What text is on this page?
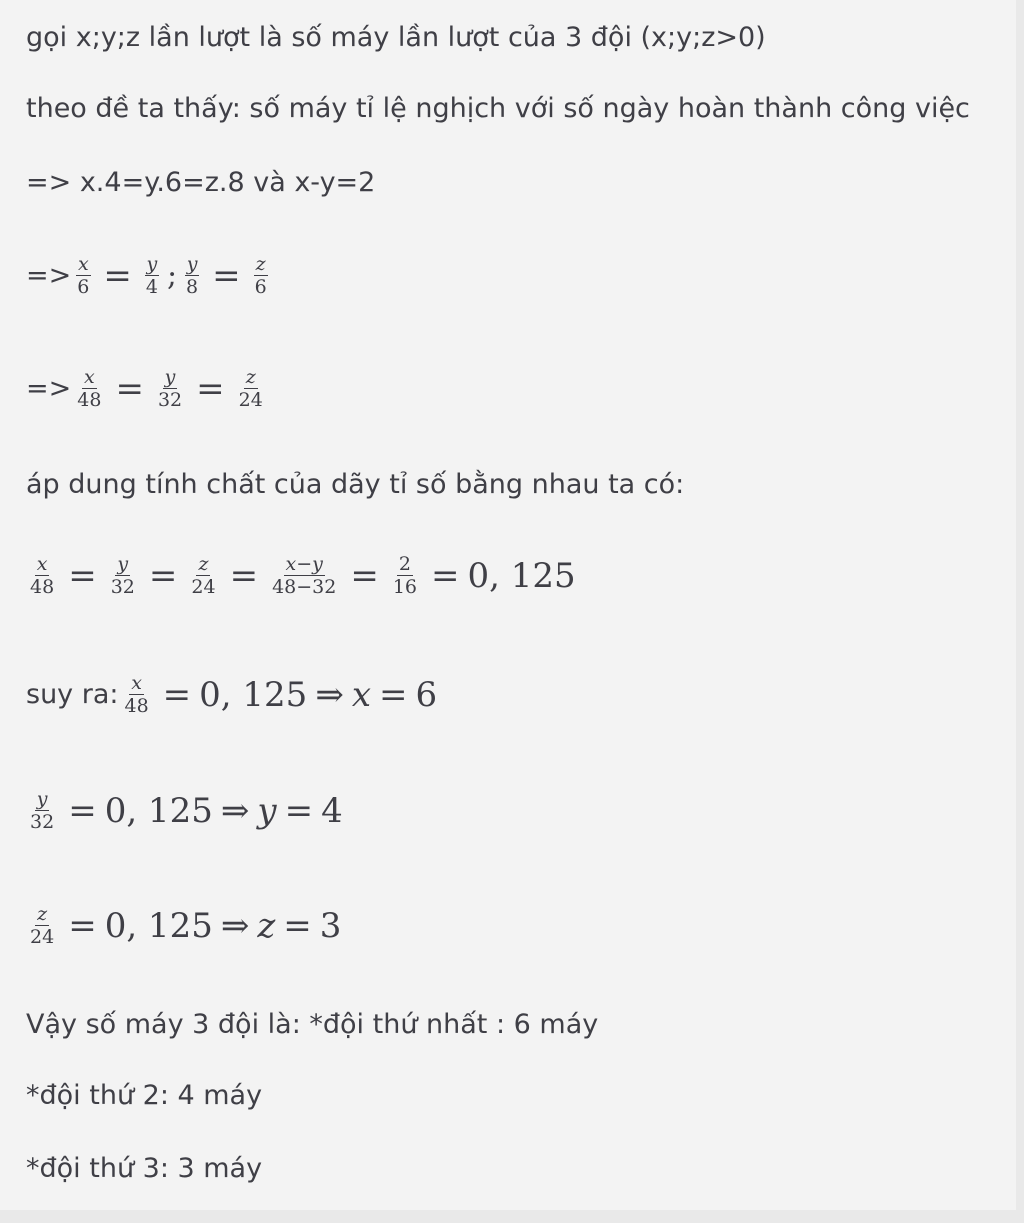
gọi x;y;z lần lượt là số máy lần lượt của 3 đội (x;y;z>0)
theo đề ta thấy: số máy tỉ lệ nghịch với số ngày hoàn thành công việc
=> x.4=y.6=z.8 và x-y=2
=> $\frac{x}{6} = \frac{y}{4}$ ; $\frac{y}{8} = \frac{z}{6}$
=> $\frac{x}{48} = \frac{y}{32} = \frac{z}{24}$
áp dung tính chất của dãy tỉ số bằng nhau ta có:
$\frac{x}{48} = \frac{y}{32} = \frac{z}{24} = \frac{x-y}{48-32} = \frac{2}{16} = 0$, 125
suy ra: $\frac{x}{48} = 0$, 125 ⇒ x = 6
$\frac{y}{32} = 0$, 125 ⇒ y = 4
$\frac{z}{24} = 0$, 125 ⇒ z = 3
Vậy số máy 3 đội là: *đội thứ nhất : 6 máy
*đội thứ 2: 4 máy
*đội thứ 3: 3 máy
